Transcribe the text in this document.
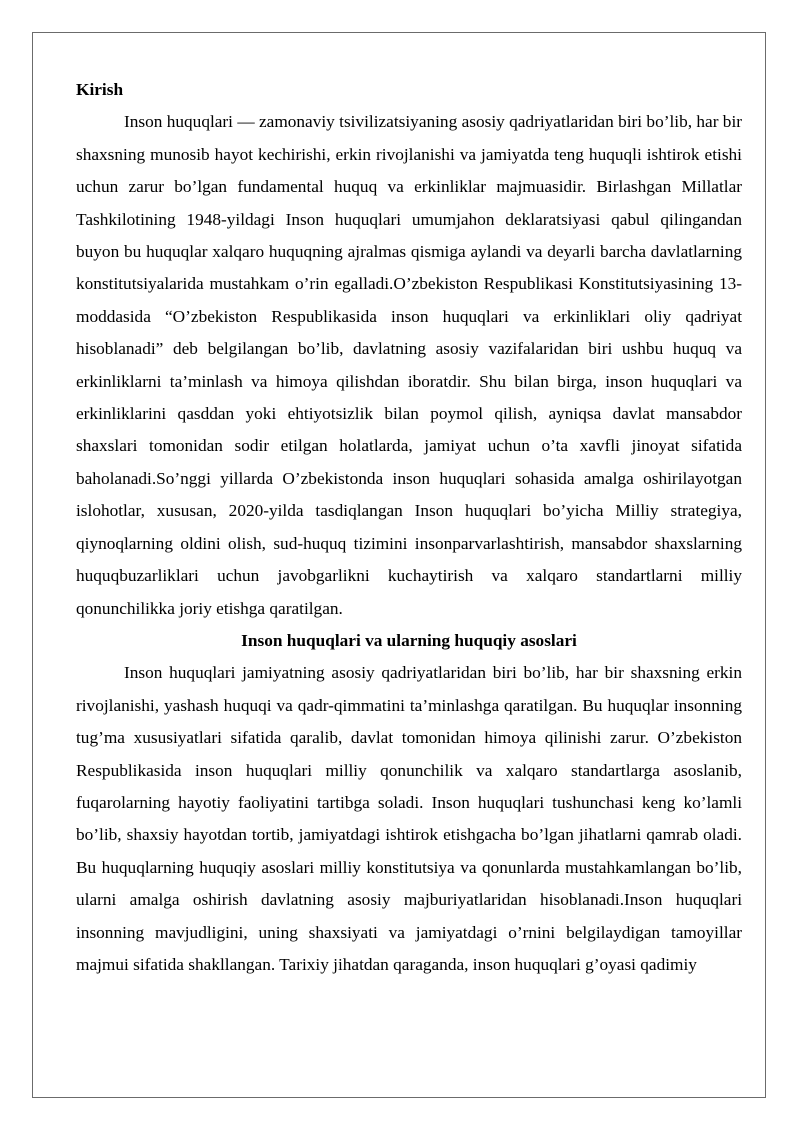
Kirish

Inson huquqlari — zamonaviy tsivilizatsiyaning asosiy qadriyatlaridan biri bo’lib, har bir shaxsning munosib hayot kechirishi, erkin rivojlanishi va jamiyatda teng huquqli ishtirok etishi uchun zarur bo’lgan fundamental huquq va erkinliklar majmuasidir. Birlashgan Millatlar Tashkilotining 1948-yildagi Inson huquqlari umumjahon deklaratsiyasi qabul qilingandan buyon bu huquqlar xalqaro huquqning ajralmas qismiga aylandi va deyarli barcha davlatlarning konstitutsiyalarida mustahkam o’rin egalladi.O’zbekiston Respublikasi Konstitutsiyasining 13-moddasida “O’zbekiston Respublikasida inson huquqlari va erkinliklari oliy qadriyat hisoblanadi” deb belgilangan bo’lib, davlatning asosiy vazifalaridan biri ushbu huquq va erkinliklarni ta’minlash va himoya qilishdan iboratdir. Shu bilan birga, inson huquqlari va erkinliklarini qasddan yoki ehtiyotsizlik bilan poymol qilish, ayniqsa davlat mansabdor shaxslari tomonidan sodir etilgan holatlarda, jamiyat uchun o’ta xavfli jinoyat sifatida baholanadi.So’nggi yillarda O’zbekistonda inson huquqlari sohasida amalga oshirilayotgan islohotlar, xususan, 2020-yilda tasdiqlangan Inson huquqlari bo’yicha Milliy strategiya, qiynoqlarning oldini olish, sud-huquq tizimini insonparvarlashtirish, mansabdor shaxslarning huquqbuzarliklari uchun javobgarlikni kuchaytirish va xalqaro standartlarni milliy qonunchilikka joriy etishga qaratilgan.

Inson huquqlari va ularning huquqiy asoslari

Inson huquqlari jamiyatning asosiy qadriyatlaridan biri bo’lib, har bir shaxsning erkin rivojlanishi, yashash huquqi va qadr-qimmatini ta’minlashga qaratilgan. Bu huquqlar insonning tug’ma xususiyatlari sifatida qaralib, davlat tomonidan himoya qilinishi zarur. O’zbekiston Respublikasida inson huquqlari milliy qonunchilik va xalqaro standartlarga asoslanib, fuqarolarning hayotiy faoliyatini tartibga soladi. Inson huquqlari tushunchasi keng ko’lamli bo’lib, shaxsiy hayotdan tortib, jamiyatdagi ishtirok etishgacha bo’lgan jihatlarni qamrab oladi. Bu huquqlarning huquqiy asoslari milliy konstitutsiya va qonunlarda mustahkamlangan bo’lib, ularni amalga oshirish davlatning asosiy majburiyatlaridan hisoblanadi.Inson huquqlari insonning mavjudligini, uning shaxsiyati va jamiyatdagi o’rnini belgilaydigan tamoyillar majmui sifatida shakllangan. Tarixiy jihatdan qaraganda, inson huquqlari g’oyasi qadimiy
